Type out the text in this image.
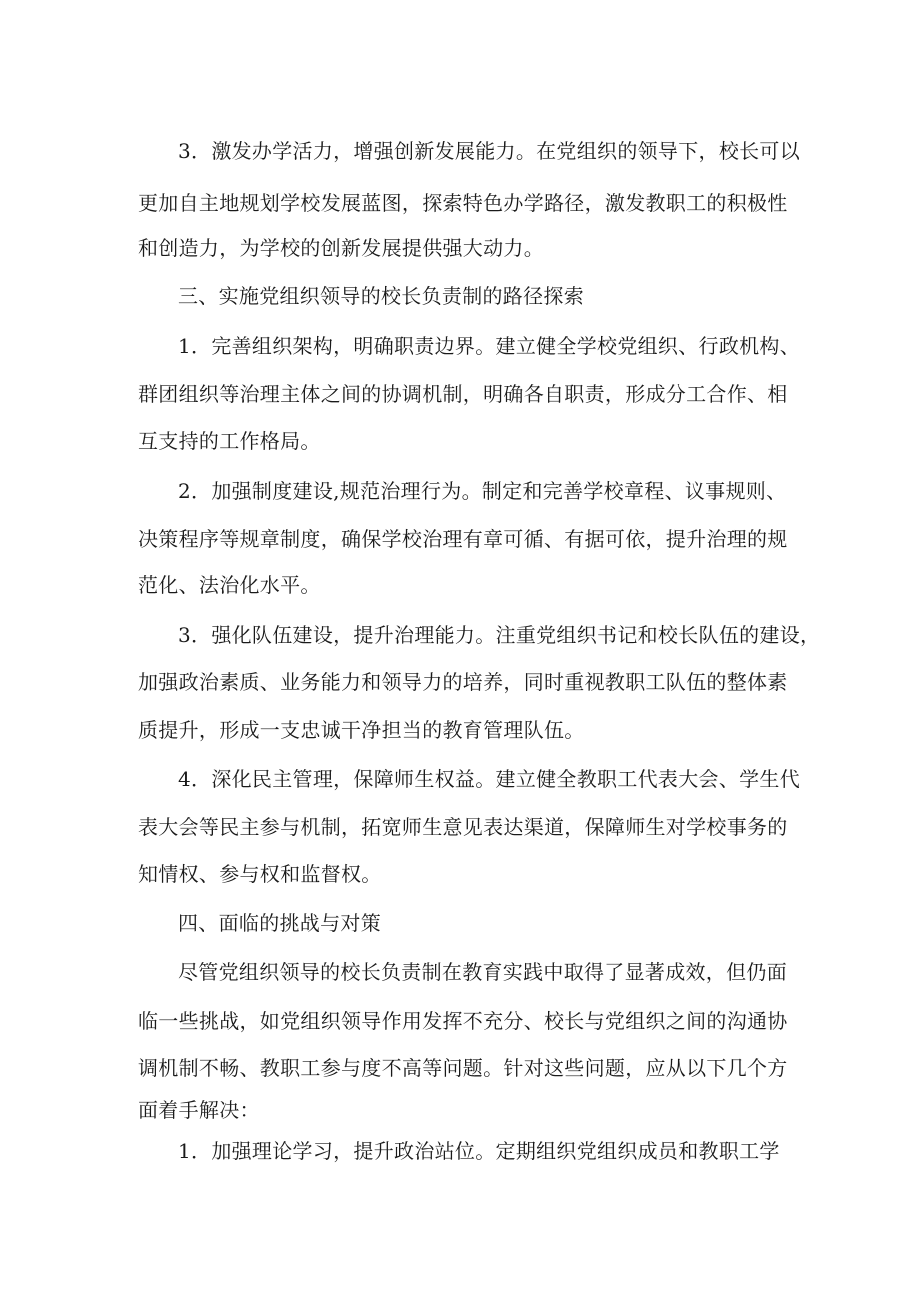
3．激发办学活力，增强创新发展能力。在党组织的领导下，校长可以
更加自主地规划学校发展蓝图，探索特色办学路径，激发教职工的积极性
和创造力，为学校的创新发展提供强大动力。
三、实施党组织领导的校长负责制的路径探索
1．完善组织架构，明确职责边界。建立健全学校党组织、行政机构、
群团组织等治理主体之间的协调机制，明确各自职责，形成分工合作、相
互支持的工作格局。
2．加强制度建设,规范治理行为。制定和完善学校章程、议事规则、
决策程序等规章制度，确保学校治理有章可循、有据可依，提升治理的规
范化、法治化水平。
3．强化队伍建设，提升治理能力。注重党组织书记和校长队伍的建设，
加强政治素质、业务能力和领导力的培养，同时重视教职工队伍的整体素
质提升，形成一支忠诚干净担当的教育管理队伍。
4．深化民主管理，保障师生权益。建立健全教职工代表大会、学生代
表大会等民主参与机制，拓宽师生意见表达渠道，保障师生对学校事务的
知情权、参与权和监督权。
四、面临的挑战与对策
尽管党组织领导的校长负责制在教育实践中取得了显著成效，但仍面
临一些挑战，如党组织领导作用发挥不充分、校长与党组织之间的沟通协
调机制不畅、教职工参与度不高等问题。针对这些问题，应从以下几个方
面着手解决：
1．加强理论学习，提升政治站位。定期组织党组织成员和教职工学
